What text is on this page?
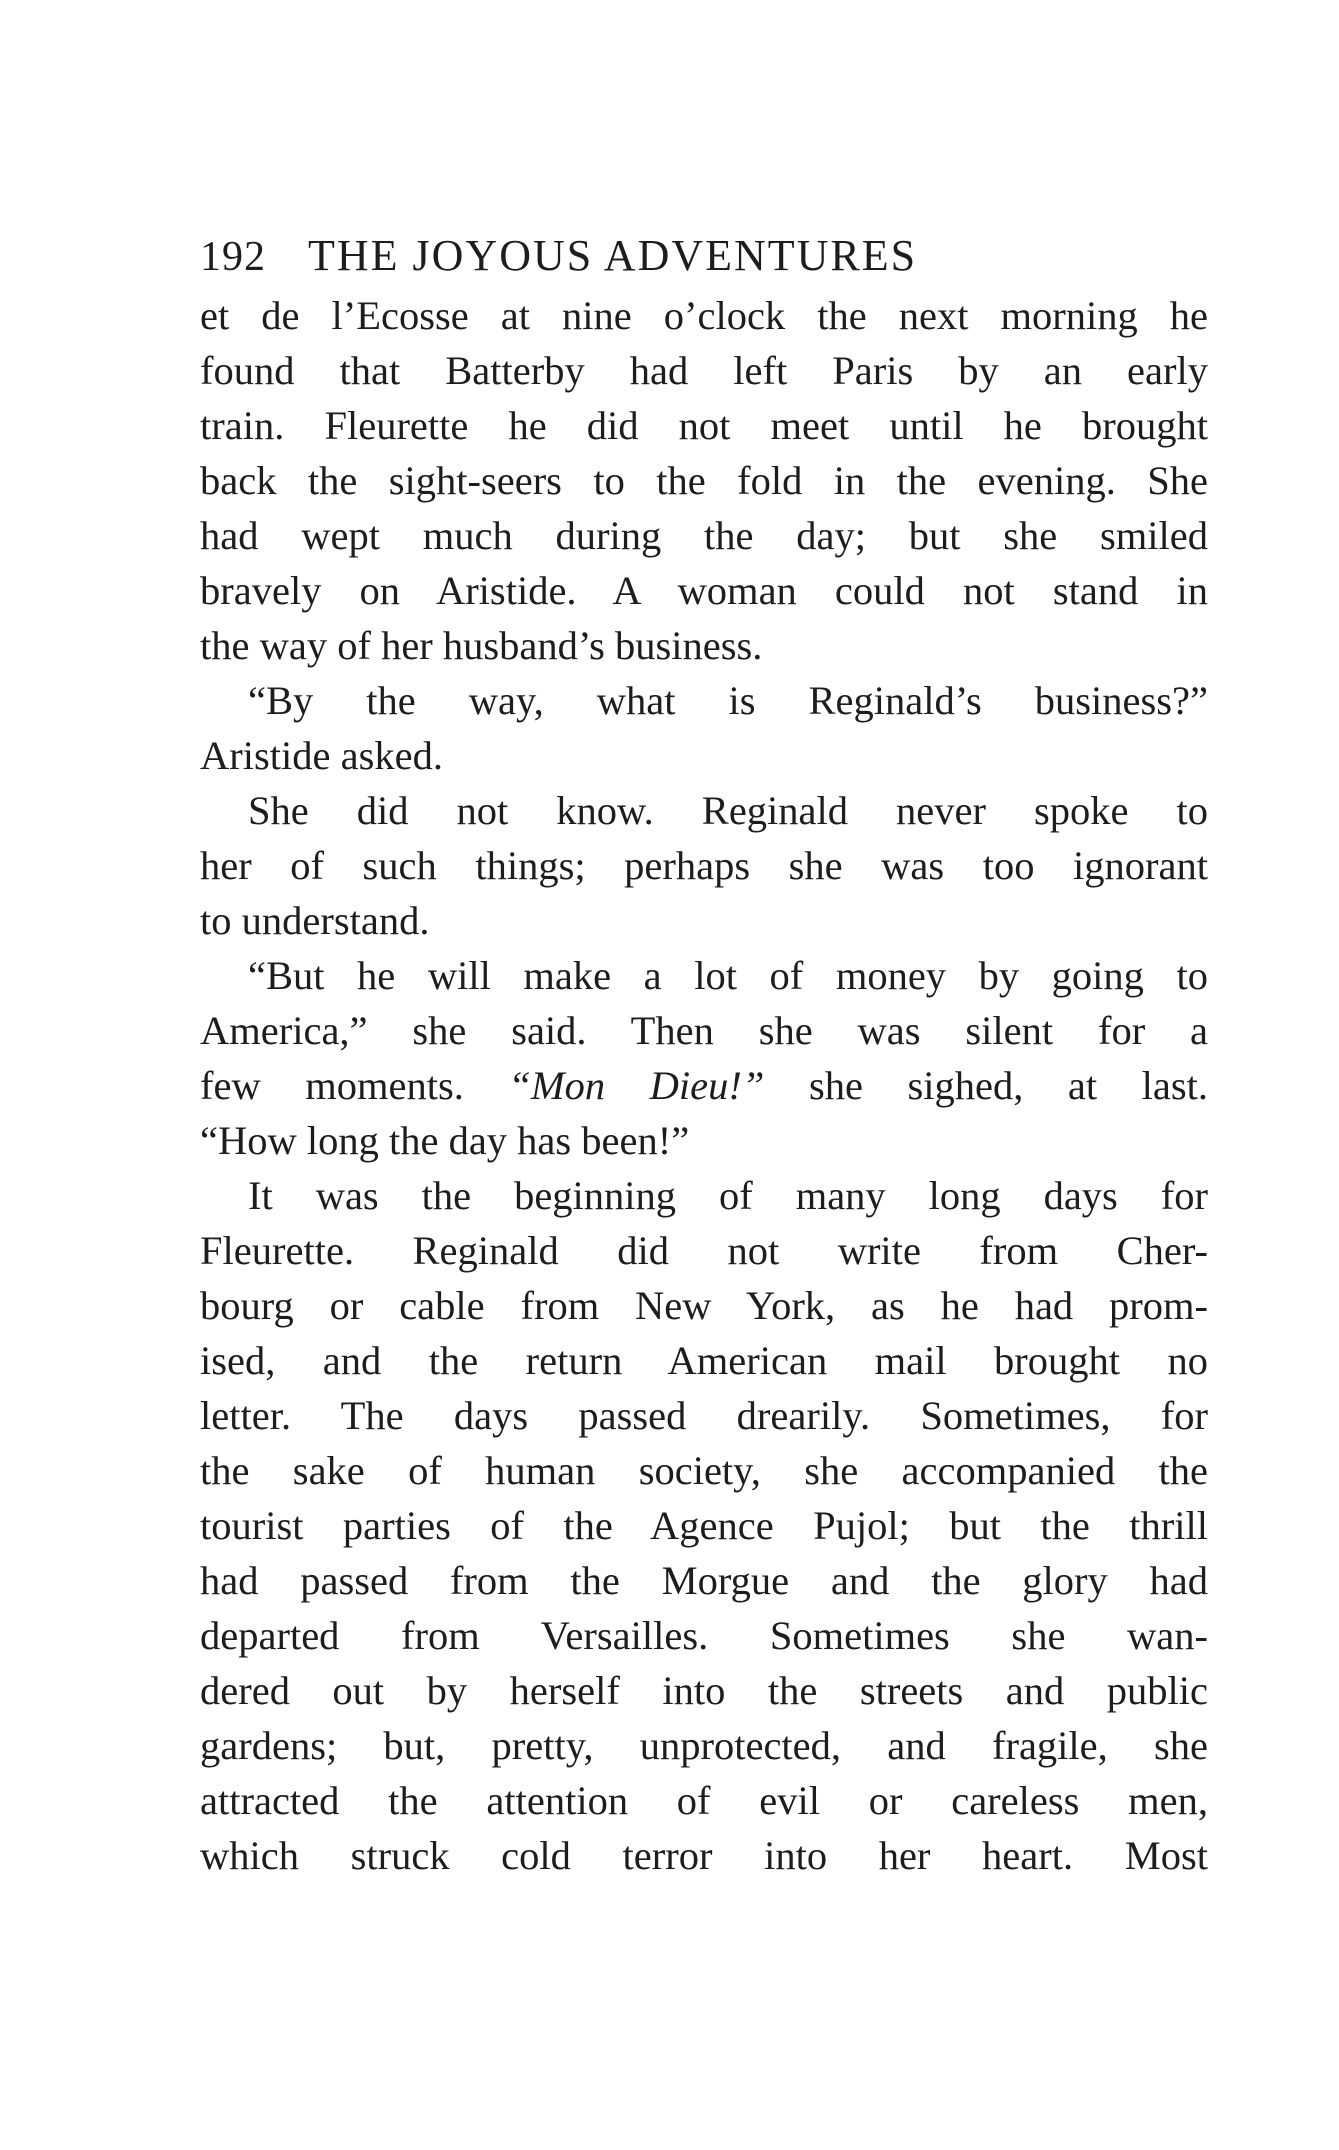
192 THE JOYOUS ADVENTURES
et de l’Ecosse at nine o’clock the next morning he
found that Batterby had left Paris by an early
train. Fleurette he did not meet until he brought
back the sight-seers to the fold in the evening. She
had wept much during the day; but she smiled
bravely on Aristide. A woman could not stand in
the way of her husband’s business.
“By the way, what is Reginald’s business?”
Aristide asked.
She did not know. Reginald never spoke to
her of such things; perhaps she was too ignorant
to understand.
“But he will make a lot of money by going to
America,” she said. Then she was silent for a
few moments. “Mon Dieu!” she sighed, at last.
“How long the day has been!”
It was the beginning of many long days for
Fleurette. Reginald did not write from Cher-
bourg or cable from New York, as he had prom-
ised, and the return American mail brought no
letter. The days passed drearily. Sometimes, for
the sake of human society, she accompanied the
tourist parties of the Agence Pujol; but the thrill
had passed from the Morgue and the glory had
departed from Versailles. Sometimes she wan-
dered out by herself into the streets and public
gardens; but, pretty, unprotected, and fragile, she
attracted the attention of evil or careless men,
which struck cold terror into her heart. Most
